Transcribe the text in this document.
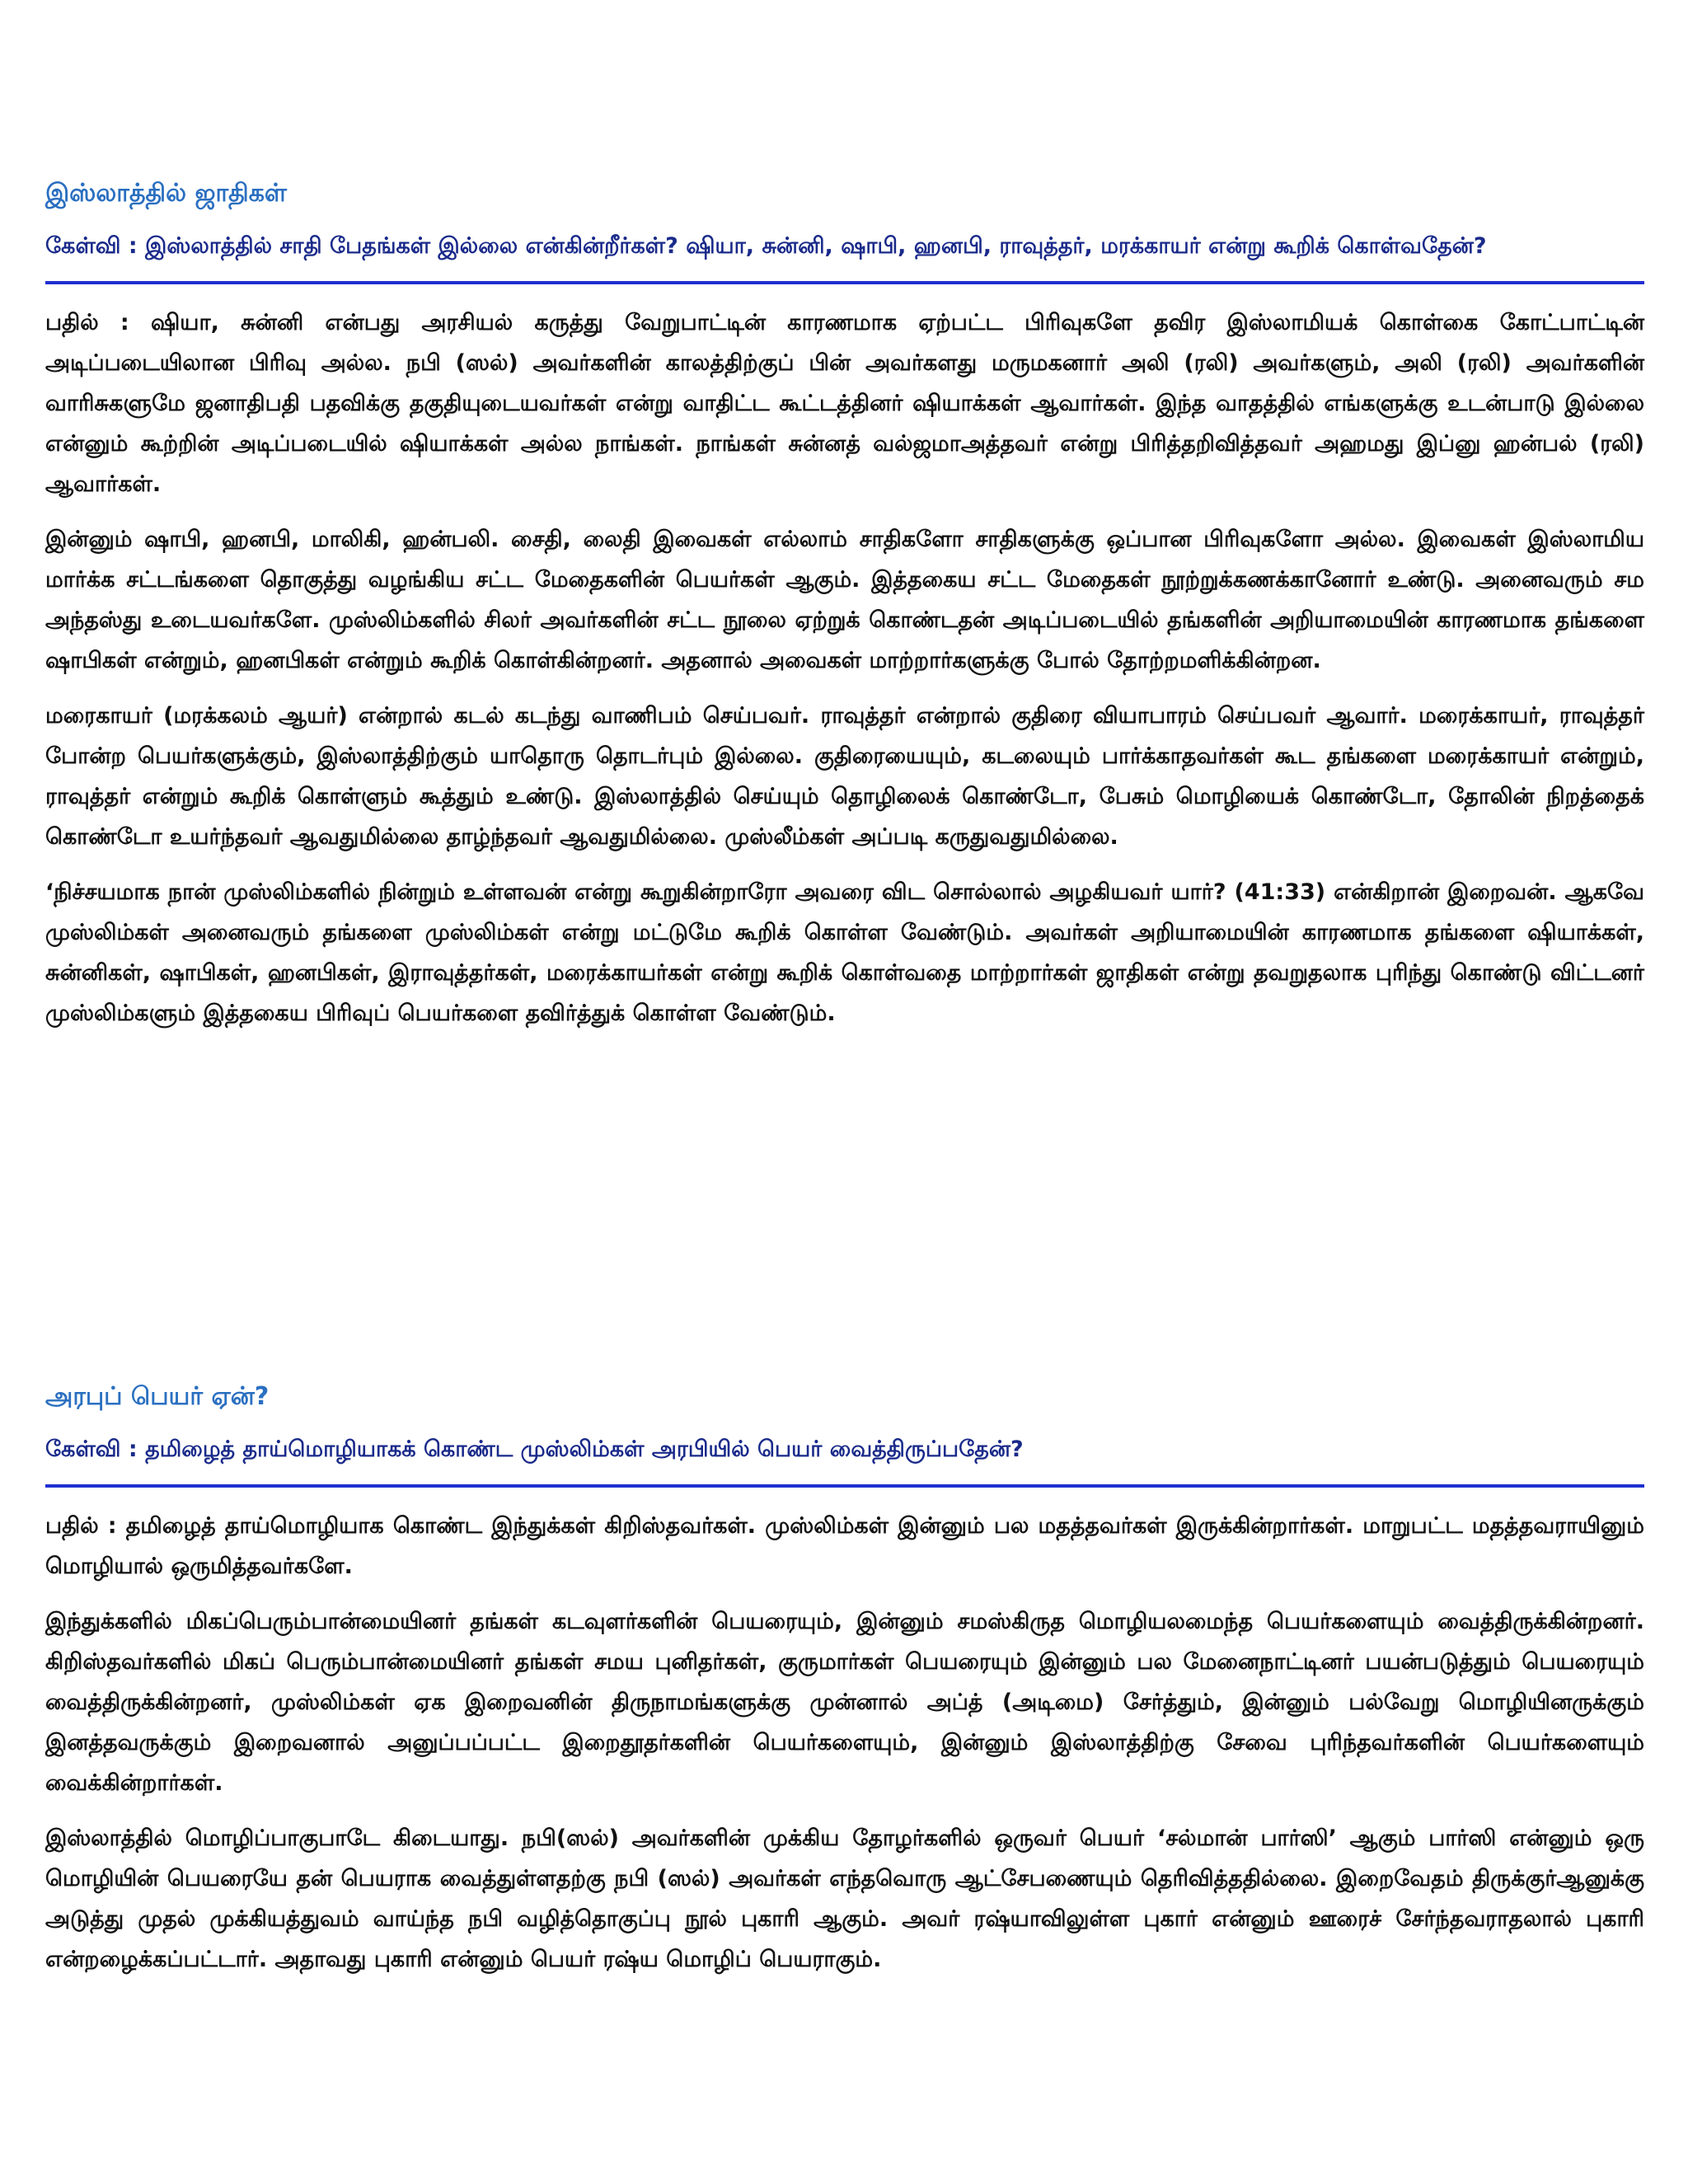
இஸ்லாத்தில் ஜாதிகள்

கேள்வி : இஸ்லாத்தில் சாதி பேதங்கள் இல்லை என்கின்றீர்கள்? ஷியா, சுன்னி, ஷாபி, ஹனபி, ராவுத்தர், மரக்காயர் என்று கூறிக் கொள்வதேன்?

பதில் : ஷியா, சுன்னி என்பது அரசியல் கருத்து வேறுபாட்டின் காரணமாக ஏற்பட்ட பிரிவுகளே தவிர இஸ்லாமியக் கொள்கை கோட்பாட்டின் அடிப்படையிலான பிரிவு அல்ல. நபி (ஸல்) அவர்களின் காலத்திற்குப் பின் அவர்களது மருமகனார் அலி (ரலி) அவர்களும், அலி (ரலி) அவர்களின் வாரிசுகளுமே ஜனாதிபதி பதவிக்கு தகுதியுடையவர்கள் என்று வாதிட்ட கூட்டத்தினர் ஷியாக்கள் ஆவார்கள். இந்த வாதத்தில் எங்களுக்கு உடன்பாடு இல்லை என்னும் கூற்றின் அடிப்படையில் ஷியாக்கள் அல்ல நாங்கள். நாங்கள் சுன்னத் வல்ஜமாஅத்தவர் என்று பிரித்தறிவித்தவர் அஹமது இப்னு ஹன்பல் (ரலி) ஆவார்கள்.

இன்னும் ஷாபி, ஹனபி, மாலிகி, ஹன்பலி. சைதி, லைதி இவைகள் எல்லாம் சாதிகளோ சாதிகளுக்கு ஒப்பான பிரிவுகளோ அல்ல. இவைகள் இஸ்லாமிய மார்க்க சட்டங்களை தொகுத்து வழங்கிய சட்ட மேதைகளின் பெயர்கள் ஆகும். இத்தகைய சட்ட மேதைகள் நூற்றுக்கணக்கானோர் உண்டு. அனைவரும் சம அந்தஸ்து உடையவர்களே. முஸ்லிம்களில் சிலர் அவர்களின் சட்ட நூலை ஏற்றுக் கொண்டதன் அடிப்படையில் தங்களின் அறியாமையின் காரணமாக தங்களை ஷாபிகள் என்றும், ஹனபிகள் என்றும் கூறிக் கொள்கின்றனர். அதனால் அவைகள் மாற்றார்களுக்கு போல் தோற்றமளிக்கின்றன.

மரைகாயர் (மரக்கலம் ஆயர்) என்றால் கடல் கடந்து வாணிபம் செய்பவர். ராவுத்தர் என்றால் குதிரை வியாபாரம் செய்பவர் ஆவார். மரைக்காயர், ராவுத்தர் போன்ற பெயர்களுக்கும், இஸ்லாத்திற்கும் யாதொரு தொடர்பும் இல்லை. குதிரையையும், கடலையும் பார்க்காதவர்கள் கூட தங்களை மரைக்காயர் என்றும், ராவுத்தர் என்றும் கூறிக் கொள்ளும் கூத்தும் உண்டு. இஸ்லாத்தில் செய்யும் தொழிலைக் கொண்டோ, பேசும் மொழியைக் கொண்டோ, தோலின் நிறத்தைக் கொண்டோ உயர்ந்தவர் ஆவதுமில்லை தாழ்ந்தவர் ஆவதுமில்லை. முஸ்லீம்கள் அப்படி கருதுவதுமில்லை.

‘நிச்சயமாக நான் முஸ்லிம்களில் நின்றும் உள்ளவன் என்று கூறுகின்றாரோ அவரை விட சொல்லால் அழகியவர் யார்? (41:33) என்கிறான் இறைவன். ஆகவே முஸ்லிம்கள் அனைவரும் தங்களை முஸ்லிம்கள் என்று மட்டுமே கூறிக் கொள்ள வேண்டும். அவர்கள் அறியாமையின் காரணமாக தங்களை ஷியாக்கள், சுன்னிகள், ஷாபிகள், ஹனபிகள், இராவுத்தர்கள், மரைக்காயர்கள் என்று கூறிக் கொள்வதை மாற்றார்கள் ஜாதிகள் என்று தவறுதலாக புரிந்து கொண்டு விட்டனர் முஸ்லிம்களும் இத்தகைய பிரிவுப் பெயர்களை தவிர்த்துக் கொள்ள வேண்டும்.

அரபுப் பெயர் ஏன்?

கேள்வி : தமிழைத் தாய்மொழியாகக் கொண்ட முஸ்லிம்கள் அரபியில் பெயர் வைத்திருப்பதேன்?

பதில் : தமிழைத் தாய்மொழியாக கொண்ட இந்துக்கள் கிறிஸ்தவர்கள். முஸ்லிம்கள் இன்னும் பல மதத்தவர்கள் இருக்கின்றார்கள். மாறுபட்ட மதத்தவராயினும் மொழியால் ஒருமித்தவர்களே.

இந்துக்களில் மிகப்பெரும்பான்மையினர் தங்கள் கடவுளர்களின் பெயரையும், இன்னும் சமஸ்கிருத மொழியலமைந்த பெயர்களையும் வைத்திருக்கின்றனர். கிறிஸ்தவர்களில் மிகப் பெரும்பான்மையினர் தங்கள் சமய புனிதர்கள், குருமார்கள் பெயரையும் இன்னும் பல மேனைநாட்டினர் பயன்படுத்தும் பெயரையும் வைத்திருக்கின்றனர், முஸ்லிம்கள் ஏக இறைவனின் திருநாமங்களுக்கு முன்னால் அப்த் (அடிமை) சேர்த்தும், இன்னும் பல்வேறு மொழியினருக்கும் இனத்தவருக்கும் இறைவனால் அனுப்பப்பட்ட இறைதூதர்களின் பெயர்களையும், இன்னும் இஸ்லாத்திற்கு சேவை புரிந்தவர்களின் பெயர்களையும் வைக்கின்றார்கள்.

இஸ்லாத்தில் மொழிப்பாகுபாடே கிடையாது. நபி(ஸல்) அவர்களின் முக்கிய தோழர்களில் ஒருவர் பெயர் ‘சல்மான் பார்ஸி’ ஆகும் பார்ஸி என்னும் ஒரு மொழியின் பெயரையே தன் பெயராக வைத்துள்ளதற்கு நபி (ஸல்) அவர்கள் எந்தவொரு ஆட்சேபணையும் தெரிவித்ததில்லை. இறைவேதம் திருக்குர்ஆனுக்கு அடுத்து முதல் முக்கியத்துவம் வாய்ந்த நபி வழித்தொகுப்பு நூல் புகாரி ஆகும். அவர் ரஷ்யாவிலுள்ள புகார் என்னும் ஊரைச் சேர்ந்தவராதலால் புகாரி என்றழைக்கப்பட்டார். அதாவது புகாரி என்னும் பெயர் ரஷ்ய மொழிப் பெயராகும்.
